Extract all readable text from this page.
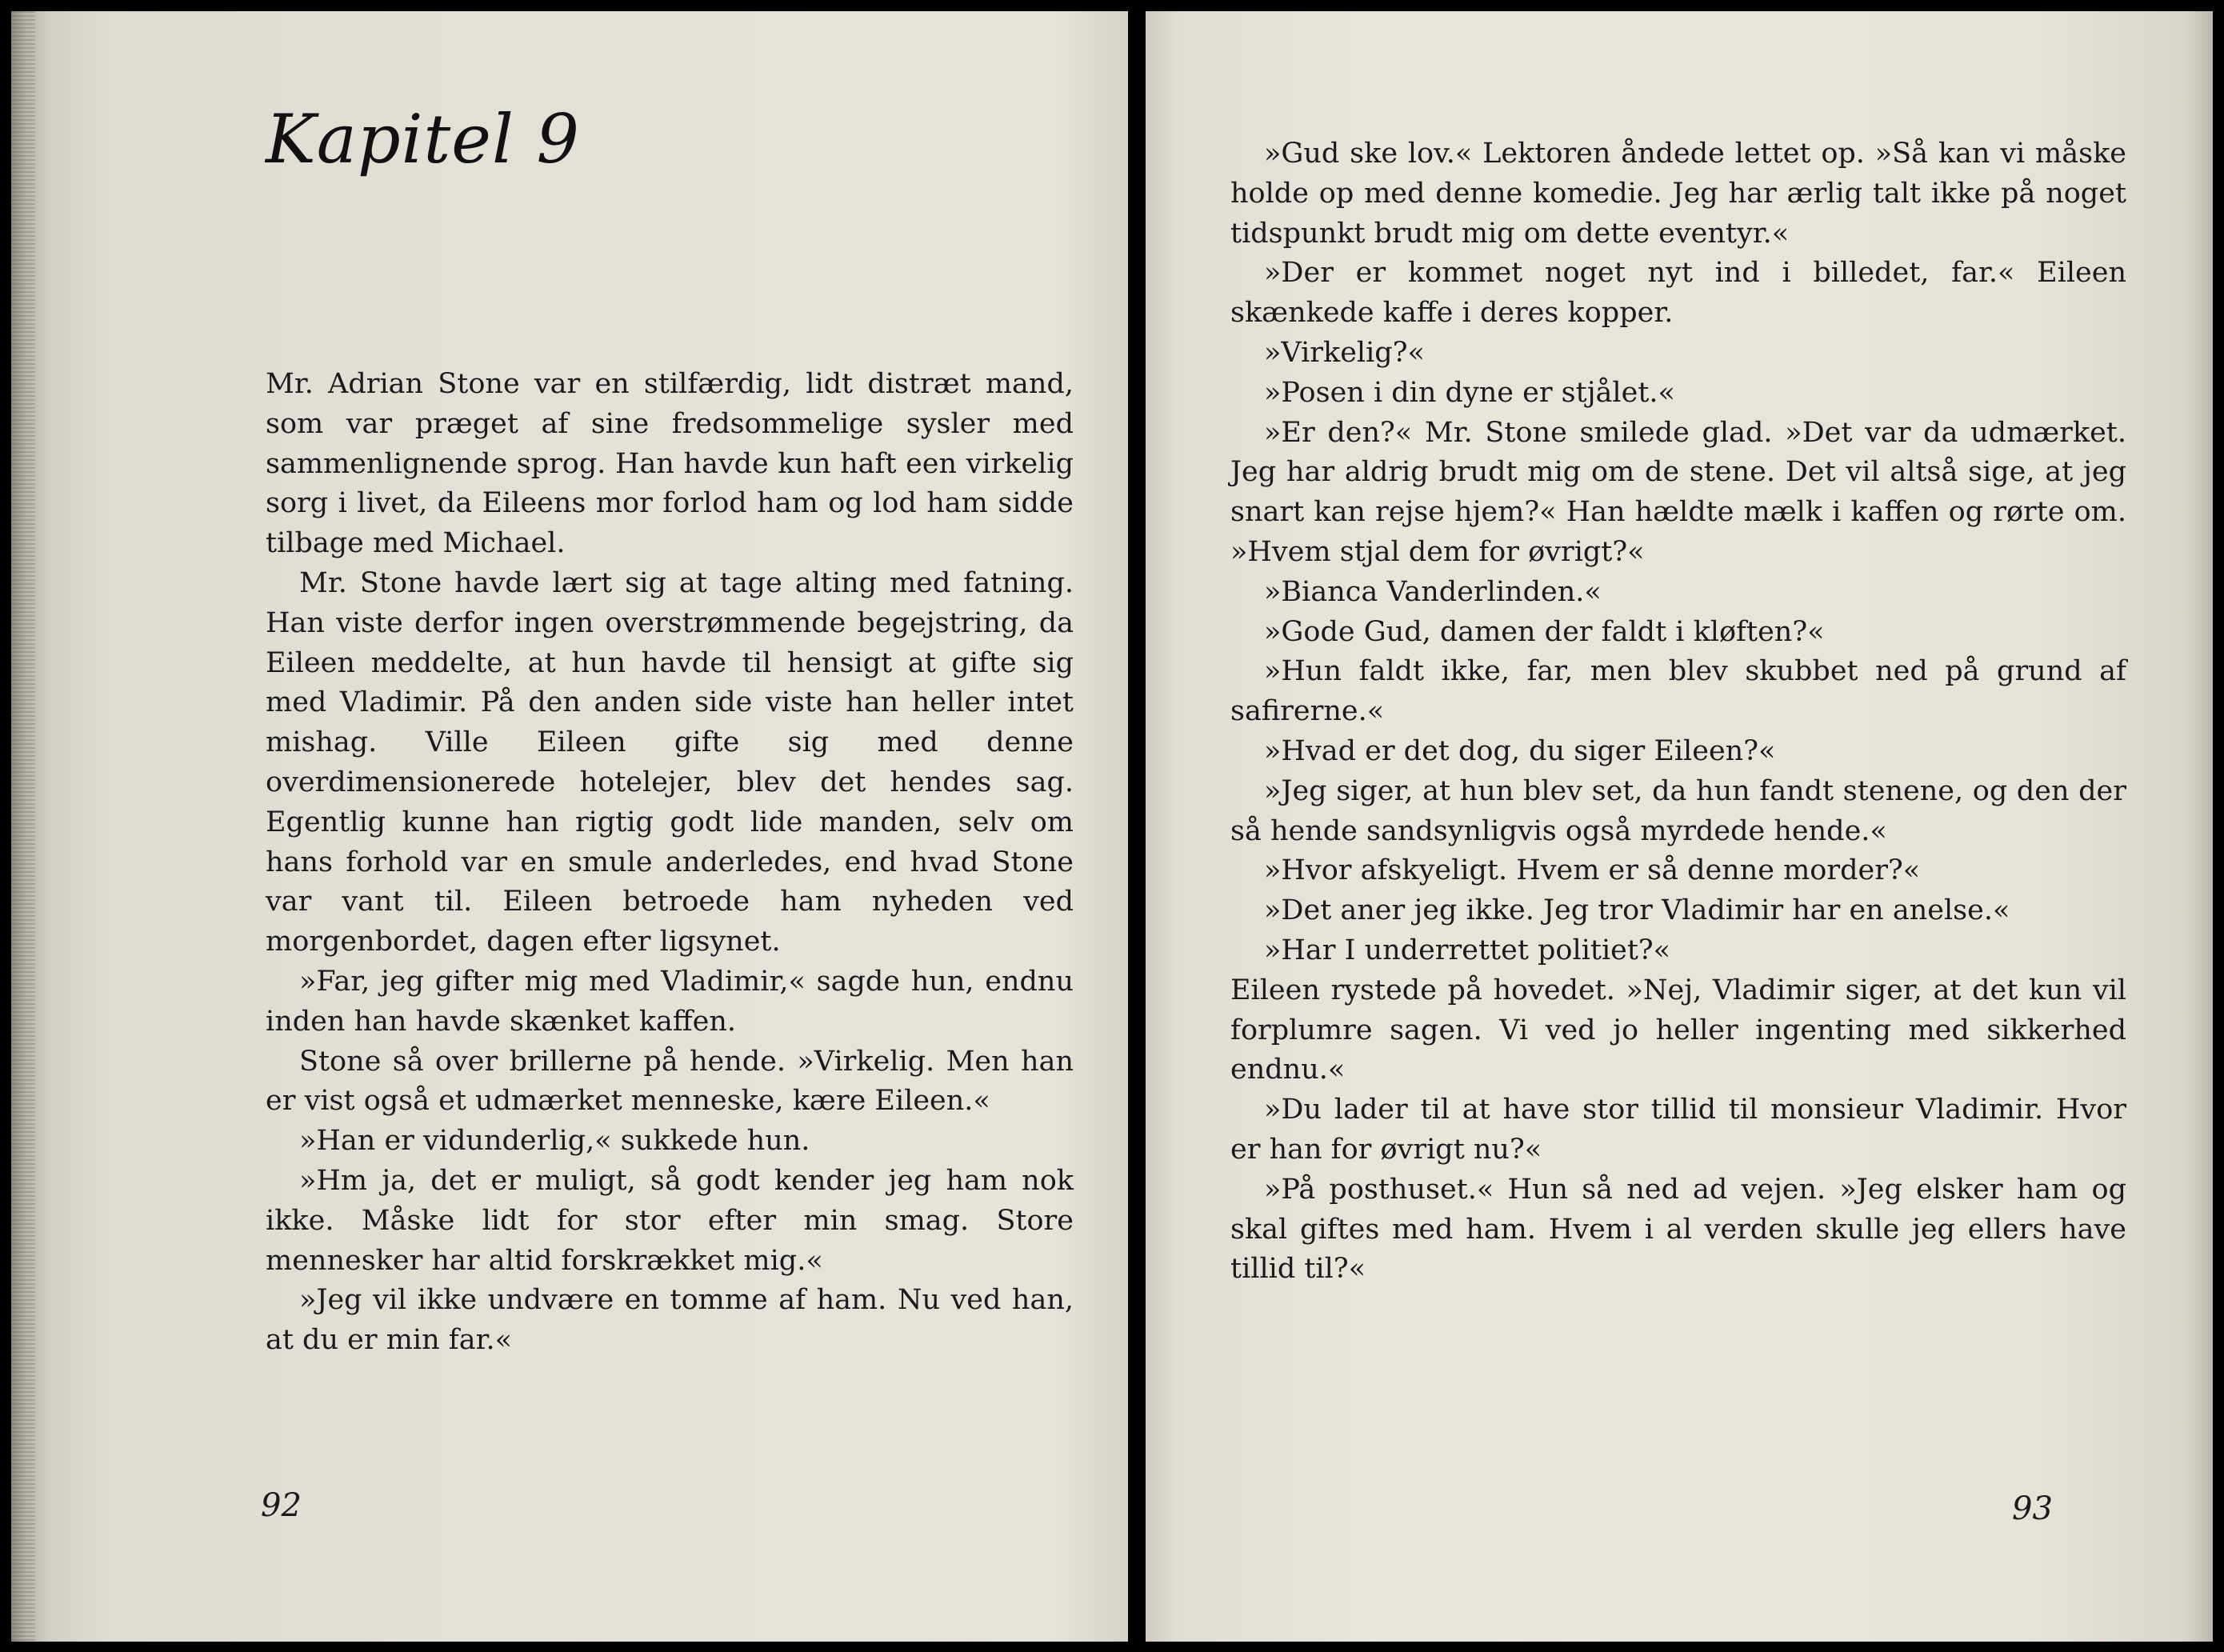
Kapitel 9

Mr. Adrian Stone var en stilfærdig, lidt distræt mand, som var præget af sine fredsommelige sysler med sammenlignende sprog. Han havde kun haft een virkelig sorg i livet, da Eileens mor forlod ham og lod ham sidde tilbage med Michael.

Mr. Stone havde lært sig at tage alting med fatning. Han viste derfor ingen overstrømmende begejstring, da Eileen meddelte, at hun havde til hensigt at gifte sig med Vladimir. På den anden side viste han heller intet mishag. Ville Eileen gifte sig med denne overdimensionerede hotelejer, blev det hendes sag. Egentlig kunne han rigtig godt lide manden, selv om hans forhold var en smule anderledes, end hvad Stone var vant til. Eileen betroede ham nyheden ved morgenbordet, dagen efter ligsynet.

»Far, jeg gifter mig med Vladimir,« sagde hun, endnu inden han havde skænket kaffen.

Stone så over brillerne på hende. »Virkelig. Men han er vist også et udmærket menneske, kære Eileen.«

»Han er vidunderlig,« sukkede hun.

»Hm ja, det er muligt, så godt kender jeg ham nok ikke. Måske lidt for stor efter min smag. Store mennesker har altid forskrækket mig.«

»Jeg vil ikke undvære en tomme af ham. Nu ved han, at du er min far.«

92

»Gud ske lov.« Lektoren åndede lettet op. »Så kan vi måske holde op med denne komedie. Jeg har ærlig talt ikke på noget tidspunkt brudt mig om dette eventyr.«

»Der er kommet noget nyt ind i billedet, far.« Eileen skænkede kaffe i deres kopper.

»Virkelig?«

»Posen i din dyne er stjålet.«

»Er den?« Mr. Stone smilede glad. »Det var da udmærket. Jeg har aldrig brudt mig om de stene. Det vil altså sige, at jeg snart kan rejse hjem?« Han hældte mælk i kaffen og rørte om. »Hvem stjal dem for øvrigt?«

»Bianca Vanderlinden.«

»Gode Gud, damen der faldt i kløften?«

»Hun faldt ikke, far, men blev skubbet ned på grund af safirerne.«

»Hvad er det dog, du siger Eileen?«

»Jeg siger, at hun blev set, da hun fandt stenene, og den der så hende sandsynligvis også myrdede hende.«

»Hvor afskyeligt. Hvem er så denne morder?«

»Det aner jeg ikke. Jeg tror Vladimir har en anelse.«

»Har I underrettet politiet?«

Eileen rystede på hovedet. »Nej, Vladimir siger, at det kun vil forplumre sagen. Vi ved jo heller ingenting med sikkerhed endnu.«

»Du lader til at have stor tillid til monsieur Vladimir. Hvor er han for øvrigt nu?«

»På posthuset.« Hun så ned ad vejen. »Jeg elsker ham og skal giftes med ham. Hvem i al verden skulle jeg ellers have tillid til?«

93
